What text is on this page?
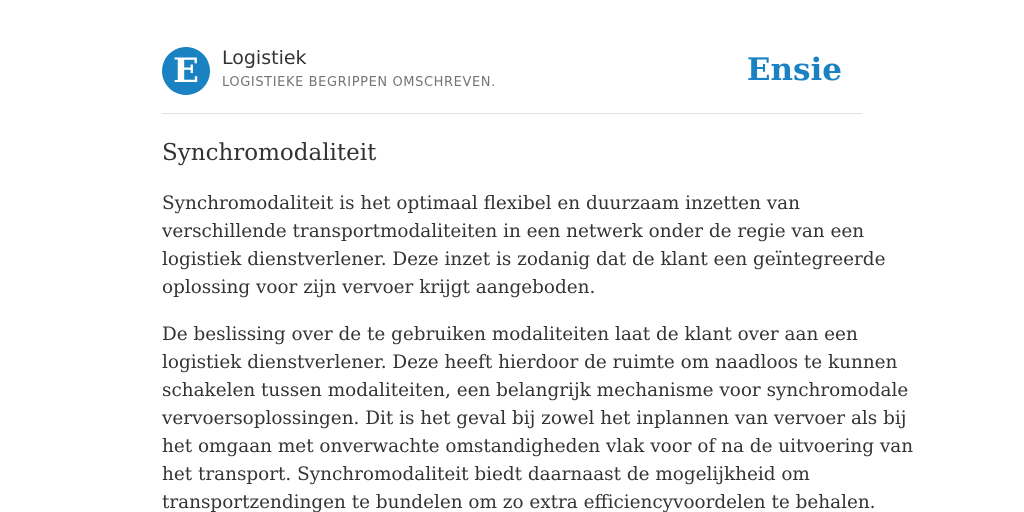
E	Logistiek
LOGISTIEKE BEGRIPPEN OMSCHREVEN.	Ensie
Synchromodaliteit

Synchromodaliteit is het optimaal flexibel en duurzaam inzetten van
verschillende transportmodaliteiten in een netwerk onder de regie van een
logistiek dienstverlener. Deze inzet is zodanig dat de klant een geïntegreerde
oplossing voor zijn vervoer krijgt aangeboden.

De beslissing over de te gebruiken modaliteiten laat de klant over aan een
logistiek dienstverlener. Deze heeft hierdoor de ruimte om naadloos te kunnen
schakelen tussen modaliteiten, een belangrijk mechanisme voor synchromodale
vervoersoplossingen. Dit is het geval bij zowel het inplannen van vervoer als bij
het omgaan met onverwachte omstandigheden vlak voor of na de uitvoering van
het transport. Synchromodaliteit biedt daarnaast de mogelijkheid om
transportzendingen te bundelen om zo extra efficiencyvoordelen te behalen.
